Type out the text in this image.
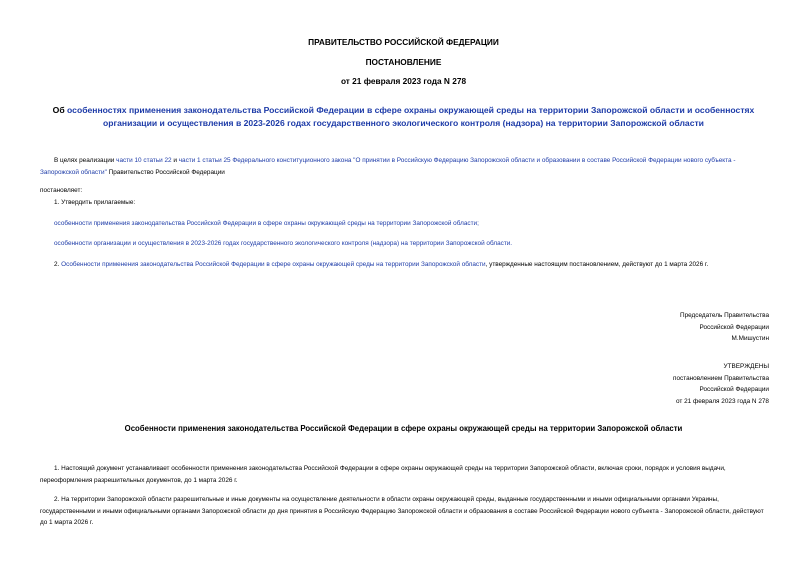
ПРАВИТЕЛЬСТВО РОССИЙСКОЙ ФЕДЕРАЦИИ
ПОСТАНОВЛЕНИЕ
от 21 февраля 2023 года N 278
Об особенностях применения законодательства Российской Федерации в сфере охраны окружающей среды на территории Запорожской области и особенностях организации и осуществления в 2023-2026 годах государственного экологического контроля (надзора) на территории Запорожской области
В целях реализации части 10 статьи 22 и части 1 статьи 25 Федерального конституционного закона "О принятии в Российскую Федерацию Запорожской области и образовании в составе Российской Федерации нового субъекта - Запорожской области" Правительство Российской Федерации
постановляет:
1. Утвердить прилагаемые:
особенности применения законодательства Российской Федерации в сфере охраны окружающей среды на территории Запорожской области;
особенности организации и осуществления в 2023-2026 годах государственного экологического контроля (надзора) на территории Запорожской области.
2. Особенности применения законодательства Российской Федерации в сфере охраны окружающей среды на территории Запорожской области, утвержденные настоящим постановлением, действуют до 1 марта 2026 г.
Председатель Правительства
Российской Федерации
М.Мишустин
УТВЕРЖДЕНЫ
постановлением Правительства
Российской Федерации
от 21 февраля 2023 года N 278
Особенности применения законодательства Российской Федерации в сфере охраны окружающей среды на территории Запорожской области
1. Настоящий документ устанавливает особенности применения законодательства Российской Федерации в сфере охраны окружающей среды на территории Запорожской области, включая сроки, порядок и условия выдачи, переоформления разрешительных документов, до 1 марта 2026 г.
2. На территории Запорожской области разрешительные и иные документы на осуществление деятельности в области охраны окружающей среды, выданные государственными и иными официальными органами Украины, государственными и иными официальными органами Запорожской области до дня принятия в Российскую Федерацию Запорожской области и образования в составе Российской Федерации нового субъекта - Запорожской области, действуют до 1 марта 2026 г.
